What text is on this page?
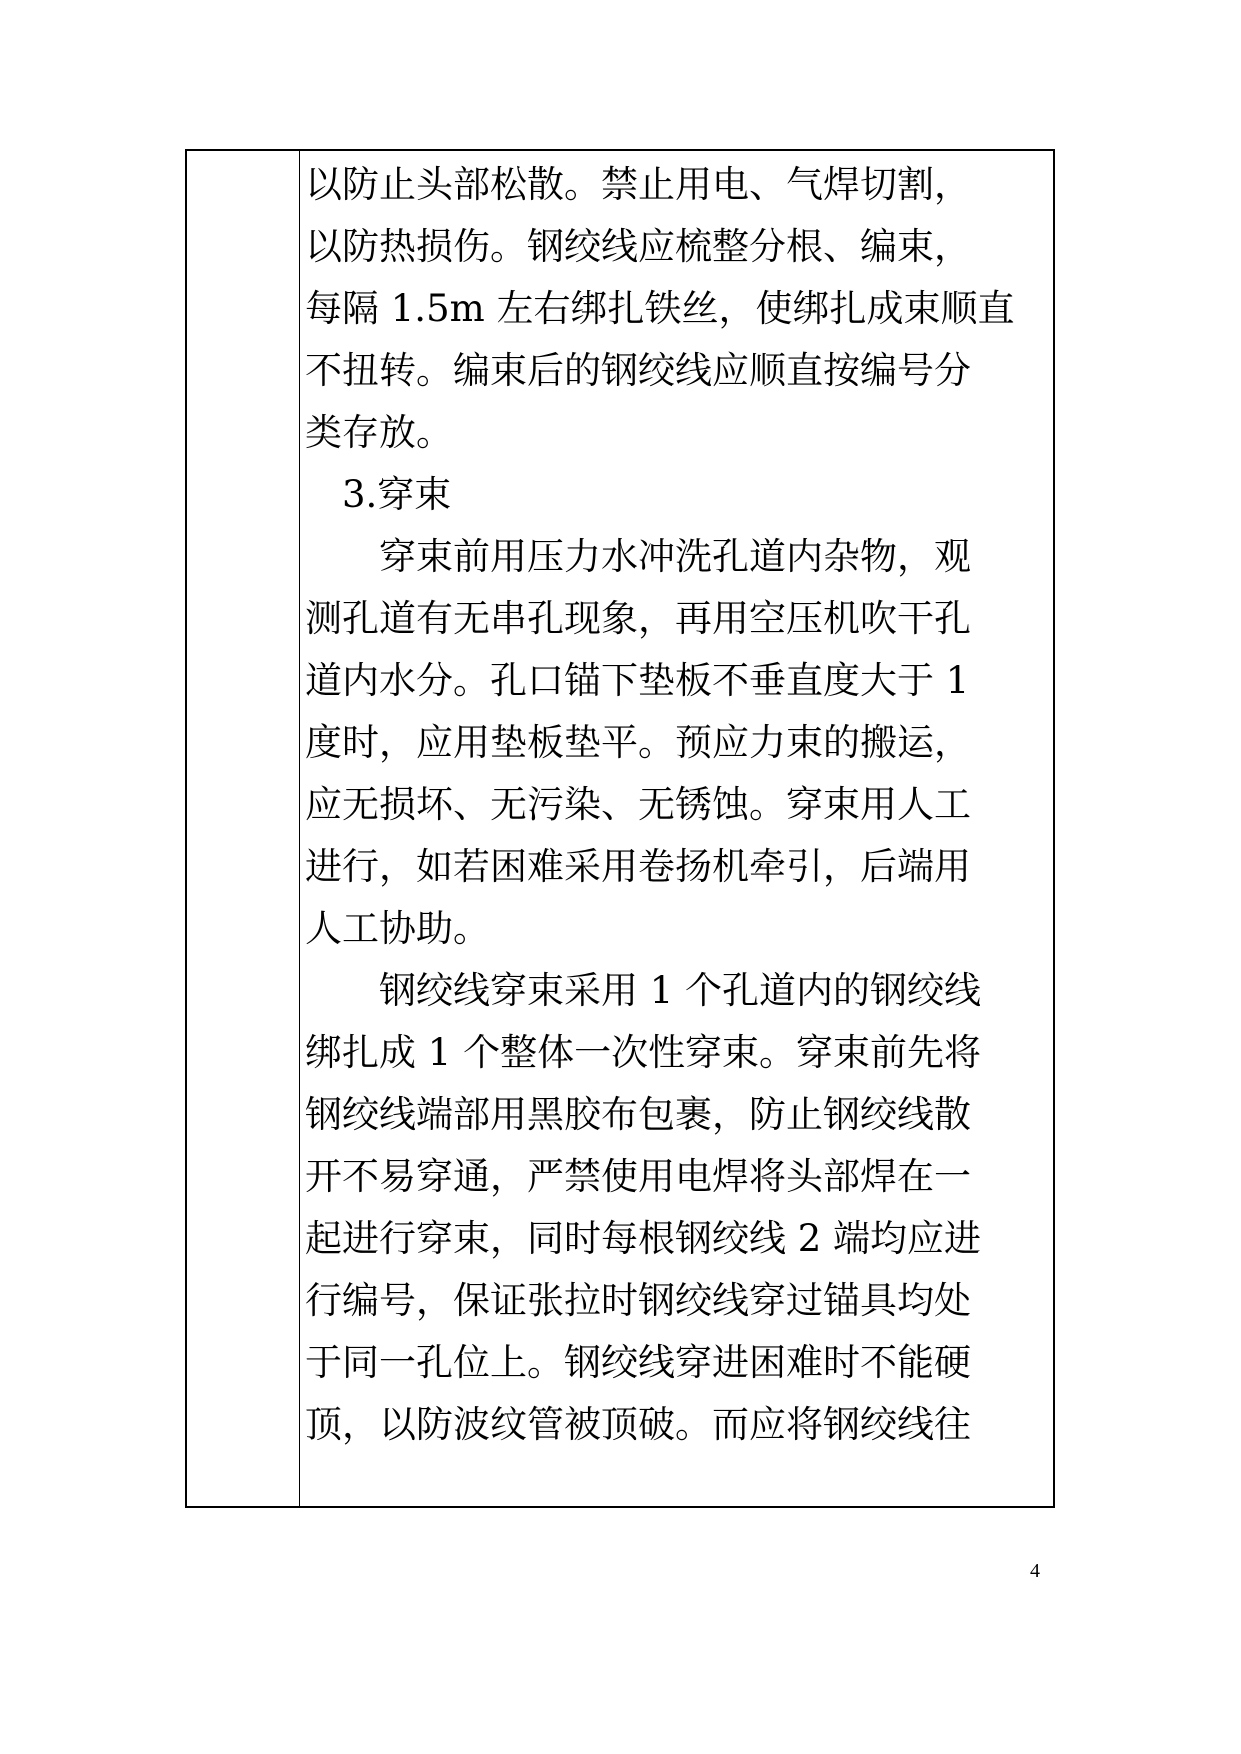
以防止头部松散。禁止用电、气焊切割，
以防热损伤。钢绞线应梳整分根、编束，
每隔 1.5m 左右绑扎铁丝，使绑扎成束顺直
不扭转。编束后的钢绞线应顺直按编号分
类存放。
　3.穿束
　　穿束前用压力水冲洗孔道内杂物，观
测孔道有无串孔现象，再用空压机吹干孔
道内水分。孔口锚下垫板不垂直度大于 1
度时，应用垫板垫平。预应力束的搬运，
应无损坏、无污染、无锈蚀。穿束用人工
进行，如若困难采用卷扬机牵引，后端用
人工协助。
　　钢绞线穿束采用 1 个孔道内的钢绞线
绑扎成 1 个整体一次性穿束。穿束前先将
钢绞线端部用黑胶布包裹，防止钢绞线散
开不易穿通，严禁使用电焊将头部焊在一
起进行穿束，同时每根钢绞线 2 端均应进
行编号，保证张拉时钢绞线穿过锚具均处
于同一孔位上。钢绞线穿进困难时不能硬
顶，以防波纹管被顶破。而应将钢绞线往
4
